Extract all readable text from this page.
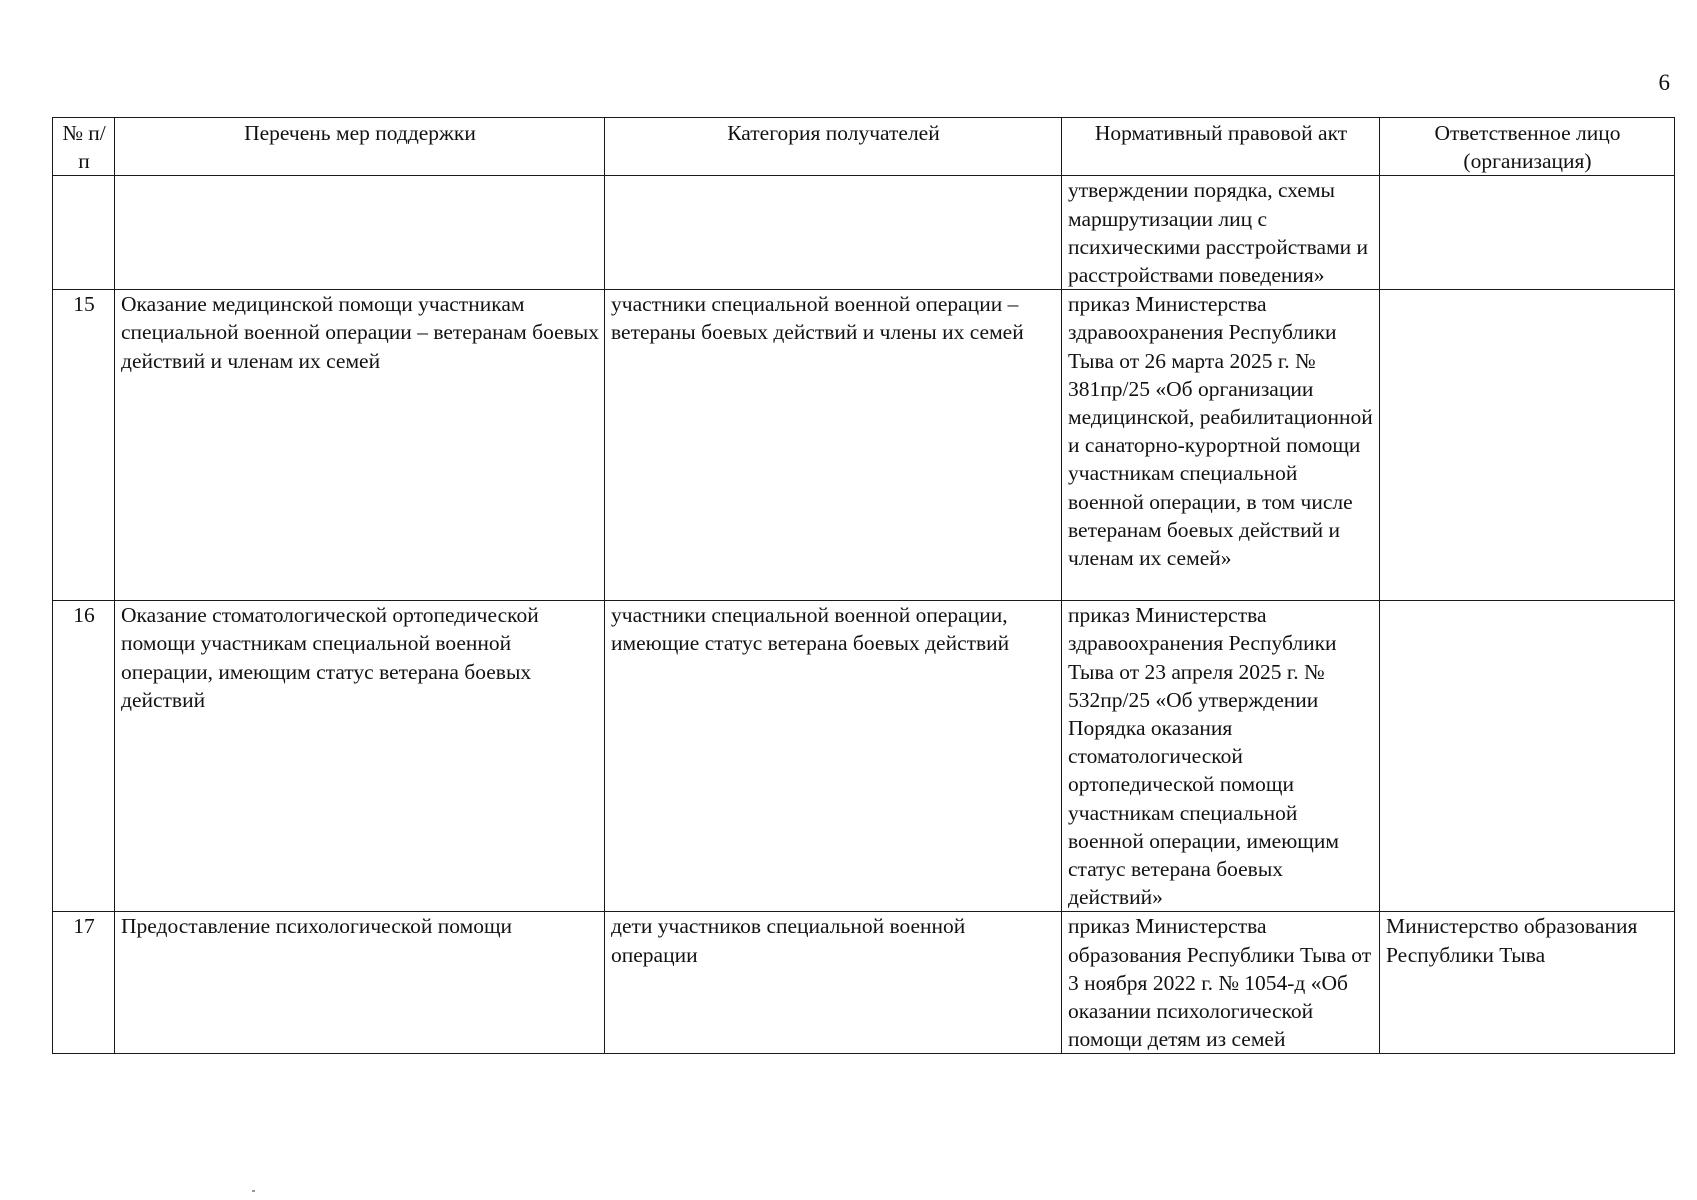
6
№ п/п	Перечень мер поддержки	Категория получателей	Нормативный правовой акт	Ответственное лицо (организация)
			утверждении порядка, схемы маршрутизации лиц с психическими расстройствами и расстройствами поведения»	
15	Оказание медицинской помощи участникам специальной военной операции – ветеранам боевых действий и членам их семей	участники специальной военной операции – ветераны боевых действий и члены их семей	приказ Министерства здравоохранения Республики Тыва от 26 марта 2025 г. № 381пр/25 «Об организации медицинской, реабилитационной и санаторно-курортной помощи участникам специальной военной операции, в том числе ветеранам боевых действий и членам их семей»	
16	Оказание стоматологической ортопедической помощи участникам специальной военной операции, имеющим статус ветерана боевых действий	участники специальной военной операции, имеющие статус ветерана боевых действий	приказ Министерства здравоохранения Республики Тыва от 23 апреля 2025 г. № 532пр/25 «Об утверждении Порядка оказания стоматологической ортопедической помощи участникам специальной военной операции, имеющим статус ветерана боевых действий»	
17	Предоставление психологической помощи	дети участников специальной военной операции	приказ Министерства образования Республики Тыва от 3 ноября 2022 г. № 1054-д «Об оказании психологической помощи детям из семей	Министерство образования Республики Тыва
